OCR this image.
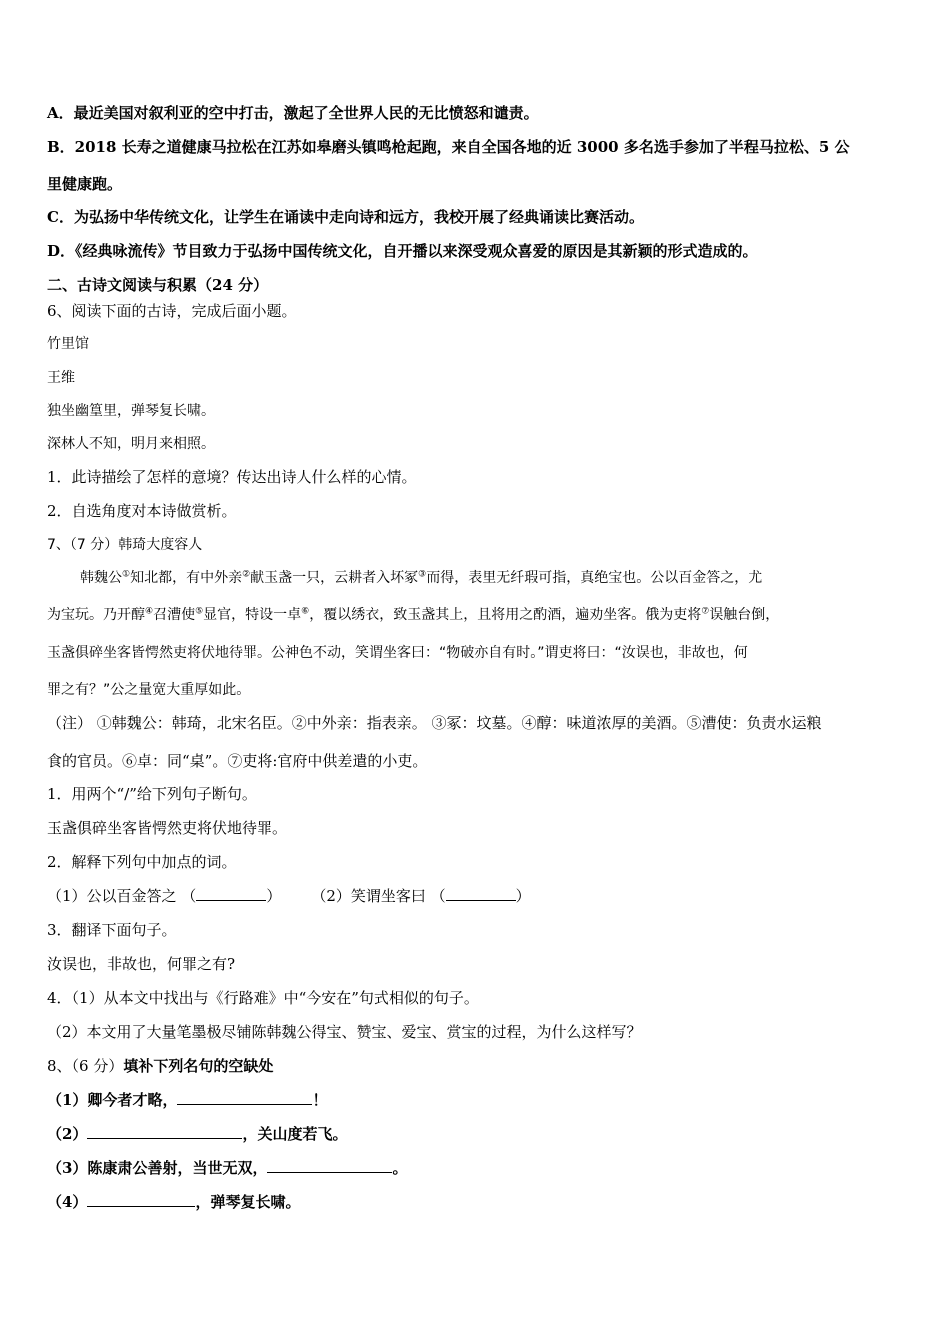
A．最近美国对叙利亚的空中打击，激起了全世界人民的无比愤怒和谴责。
B．2018 长寿之道健康马拉松在江苏如皋磨头镇鸣枪起跑，来自全国各地的近 3000 多名选手参加了半程马拉松、5 公
里健康跑。
C．为弘扬中华传统文化，让学生在诵读中走向诗和远方，我校开展了经典诵读比赛活动。
D．《经典咏流传》节目致力于弘扬中国传统文化，自开播以来深受观众喜爱的原因是其新颖的形式造成的。
二、古诗文阅读与积累（24 分）
6、阅读下面的古诗，完成后面小题。
竹里馆
王维
独坐幽篁里，弹琴复长啸。
深林人不知，明月来相照。
1．此诗描绘了怎样的意境？传达出诗人什么样的心情。
2．自选角度对本诗做赏析。
7、（7 分）韩琦大度容人
韩魏公①知北都，有中外亲②献玉盏一只，云耕者入坏冢③而得，表里无纤瑕可指，真绝宝也。公以百金答之，尤
为宝玩。乃开醇④召漕使⑤显官，特设一卓⑥，覆以绣衣，致玉盏其上，且将用之酌酒，遍劝坐客。俄为吏将⑦误触台倒，
玉盏俱碎坐客皆愕然吏将伏地待罪。公神色不动，笑谓坐客曰：“物破亦自有时。”谓吏将曰：“汝误也，非故也，何
罪之有？”公之量宽大重厚如此。
（注） ①韩魏公：韩琦，北宋名臣。②中外亲：指表亲。 ③冢：坟墓。④醇：味道浓厚的美酒。⑤漕使：负责水运粮
食的官员。⑥卓：同“桌”。⑦吏将:官府中供差遣的小吏。
1．用两个“/”给下列句子断句。
玉盏俱碎坐客皆愕然吏将伏地待罪。
2．解释下列句中加点的词。
（1）公以百金答之 （	） （2）笑谓坐客曰 （	）
3．翻译下面句子。
汝误也，非故也，何罪之有?
4．（1）从本文中找出与《行路难》中“今安在”句式相似的句子。
（2）本文用了大量笔墨极尽铺陈韩魏公得宝、赞宝、爱宝、赏宝的过程，为什么这样写？
8、（6 分）填补下列名句的空缺处
（1）卿今者才略，	！
（2）	，关山度若飞。
（3）陈康肃公善射，当世无双，	。
（4）	，弹琴复长啸。
